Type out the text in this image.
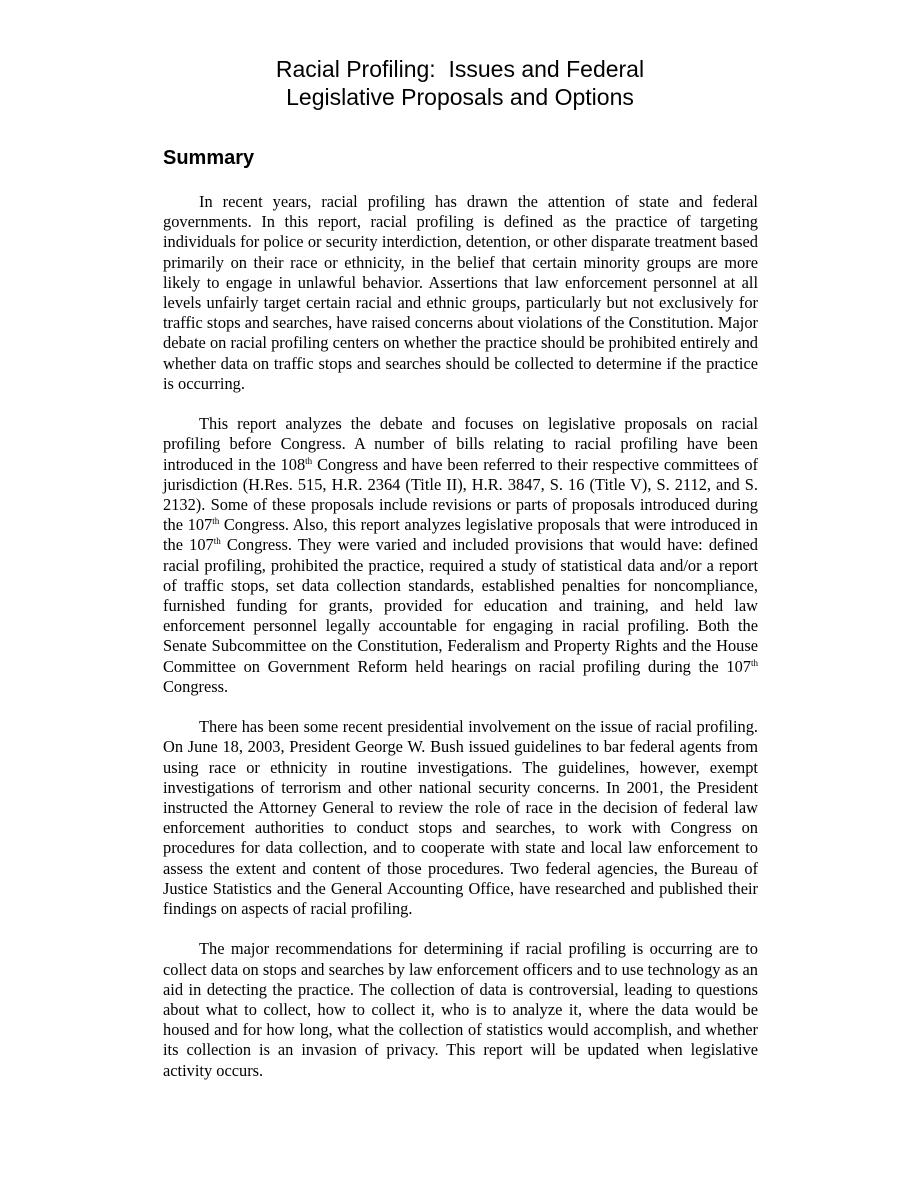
Racial Profiling:  Issues and Federal
Legislative Proposals and Options
Summary

In recent years, racial profiling has drawn the attention of state and federal governments. In this report, racial profiling is defined as the practice of targeting individuals for police or security interdiction, detention, or other disparate treatment based primarily on their race or ethnicity, in the belief that certain minority groups are more likely to engage in unlawful behavior. Assertions that law enforcement personnel at all levels unfairly target certain racial and ethnic groups, particularly but not exclusively for traffic stops and searches, have raised concerns about violations of the Constitution. Major debate on racial profiling centers on whether the practice should be prohibited entirely and whether data on traffic stops and searches should be collected to determine if the practice is occurring.

This report analyzes the debate and focuses on legislative proposals on racial profiling before Congress. A number of bills relating to racial profiling have been introduced in the 108th Congress and have been referred to their respective committees of jurisdiction (H.Res. 515, H.R. 2364 (Title II), H.R. 3847, S. 16 (Title V), S. 2112, and S. 2132). Some of these proposals include revisions or parts of proposals introduced during the 107th Congress. Also, this report analyzes legislative proposals that were introduced in the 107th Congress. They were varied and included provisions that would have: defined racial profiling, prohibited the practice, required a study of statistical data and/or a report of traffic stops, set data collection standards, established penalties for noncompliance, furnished funding for grants, provided for education and training, and held law enforcement personnel legally accountable for engaging in racial profiling. Both the Senate Subcommittee on the Constitution, Federalism and Property Rights and the House Committee on Government Reform held hearings on racial profiling during the 107th Congress.

There has been some recent presidential involvement on the issue of racial profiling. On June 18, 2003, President George W. Bush issued guidelines to bar federal agents from using race or ethnicity in routine investigations. The guidelines, however, exempt investigations of terrorism and other national security concerns. In 2001, the President instructed the Attorney General to review the role of race in the decision of federal law enforcement authorities to conduct stops and searches, to work with Congress on procedures for data collection, and to cooperate with state and local law enforcement to assess the extent and content of those procedures. Two federal agencies, the Bureau of Justice Statistics and the General Accounting Office, have researched and published their findings on aspects of racial profiling.

The major recommendations for determining if racial profiling is occurring are to collect data on stops and searches by law enforcement officers and to use technology as an aid in detecting the practice. The collection of data is controversial, leading to questions about what to collect, how to collect it, who is to analyze it, where the data would be housed and for how long, what the collection of statistics would accomplish, and whether its collection is an invasion of privacy. This report will be updated when legislative activity occurs.
